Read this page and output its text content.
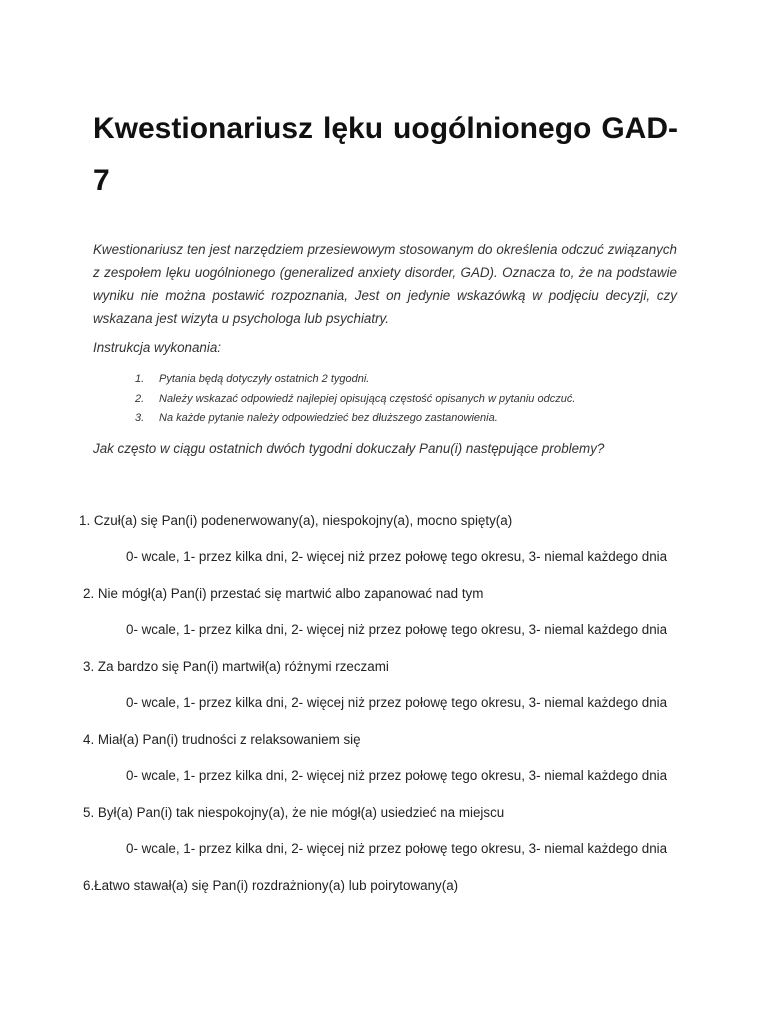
Kwestionariusz lęku uogólnionego GAD-
7

Kwestionariusz ten jest narzędziem przesiewowym stosowanym do określenia odczuć związanych z zespołem lęku uogólnionego (generalized anxiety disorder, GAD). Oznacza to, że na podstawie wyniku nie można postawić rozpoznania, Jest on jedynie wskazówką w podjęciu decyzji, czy wskazana jest wizyta u psychologa lub psychiatry.

Instrukcja wykonania:
1. Pytania będą dotyczyły ostatnich 2 tygodni.
2. Należy wskazać odpowiedź najlepiej opisującą częstość opisanych w pytaniu odczuć.
3. Na każde pytanie należy odpowiedzieć bez dłuższego zastanowienia.
Jak często w ciągu ostatnich dwóch tygodni dokuczały Panu(i) następujące problemy?
1. Czuł(a) się Pan(i) podenerwowany(a), niespokojny(a), mocno spięty(a)
0- wcale, 1- przez kilka dni, 2- więcej niż przez połowę tego okresu, 3- niemal każdego dnia
2. Nie mógł(a) Pan(i) przestać się martwić albo zapanować nad tym
0- wcale, 1- przez kilka dni, 2- więcej niż przez połowę tego okresu, 3- niemal każdego dnia
3. Za bardzo się Pan(i) martwił(a) różnymi rzeczami
0- wcale, 1- przez kilka dni, 2- więcej niż przez połowę tego okresu, 3- niemal każdego dnia
4. Miał(a) Pan(i) trudności z relaksowaniem się
0- wcale, 1- przez kilka dni, 2- więcej niż przez połowę tego okresu, 3- niemal każdego dnia
5. Był(a) Pan(i) tak niespokojny(a), że nie mógł(a) usiedzieć na miejscu
0- wcale, 1- przez kilka dni, 2- więcej niż przez połowę tego okresu, 3- niemal każdego dnia
6.Łatwo stawał(a) się Pan(i) rozdrażniony(a) lub poirytowany(a)
